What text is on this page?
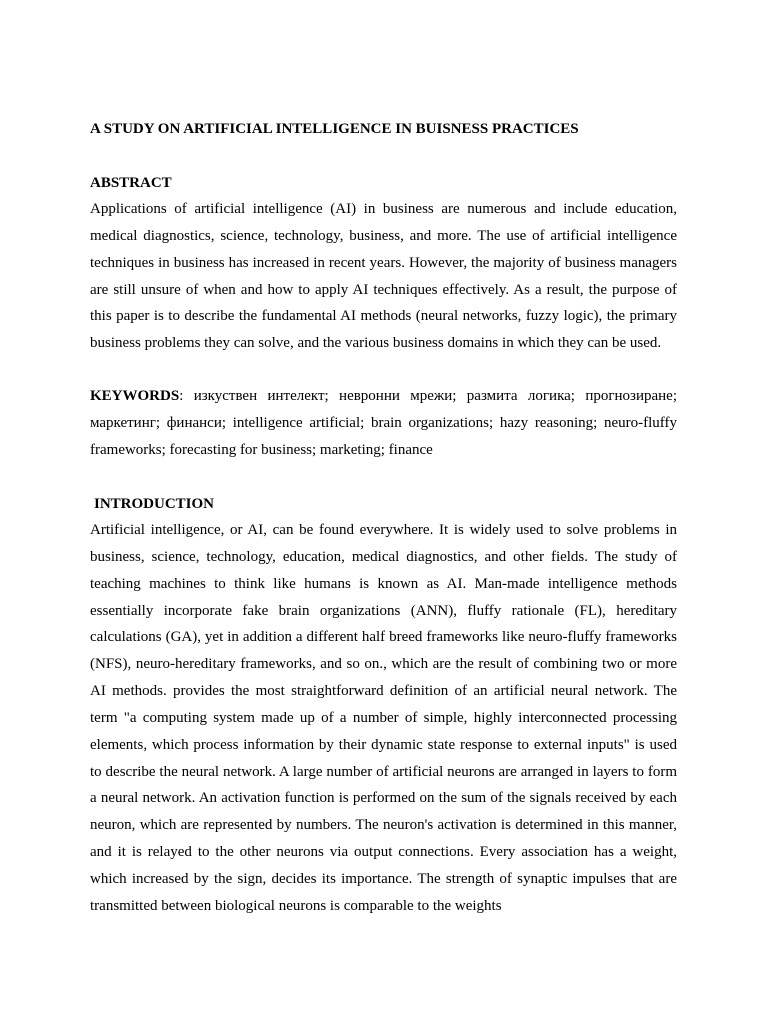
A STUDY ON ARTIFICIAL INTELLIGENCE IN BUISNESS PRACTICES
ABSTRACT

Applications of artificial intelligence (AI) in business are numerous and include education, medical diagnostics, science, technology, business, and more. The use of artificial intelligence techniques in business has increased in recent years. However, the majority of business managers are still unsure of when and how to apply AI techniques effectively. As a result, the purpose of this paper is to describe the fundamental AI methods (neural networks, fuzzy logic), the primary business problems they can solve, and the various business domains in which they can be used.

KEYWORDS: изкуствен интелект; невронни мрежи; размита логика; прогнозиране; маркетинг; финанси; intelligence artificial; brain organizations; hazy reasoning; neuro-fluffy frameworks; forecasting for business; marketing; finance

INTRODUCTION

Artificial intelligence, or AI, can be found everywhere. It is widely used to solve problems in business, science, technology, education, medical diagnostics, and other fields. The study of teaching machines to think like humans is known as AI. Man-made intelligence methods essentially incorporate fake brain organizations (ANN), fluffy rationale (FL), hereditary calculations (GA), yet in addition a different half breed frameworks like neuro-fluffy frameworks (NFS), neuro-hereditary frameworks, and so on., which are the result of combining two or more AI methods. provides the most straightforward definition of an artificial neural network. The term "a computing system made up of a number of simple, highly interconnected processing elements, which process information by their dynamic state response to external inputs" is used to describe the neural network. A large number of artificial neurons are arranged in layers to form a neural network. An activation function is performed on the sum of the signals received by each neuron, which are represented by numbers. The neuron's activation is determined in this manner, and it is relayed to the other neurons via output connections. Every association has a weight, which increased by the sign, decides its importance. The strength of synaptic impulses that are transmitted between biological neurons is comparable to the weights
